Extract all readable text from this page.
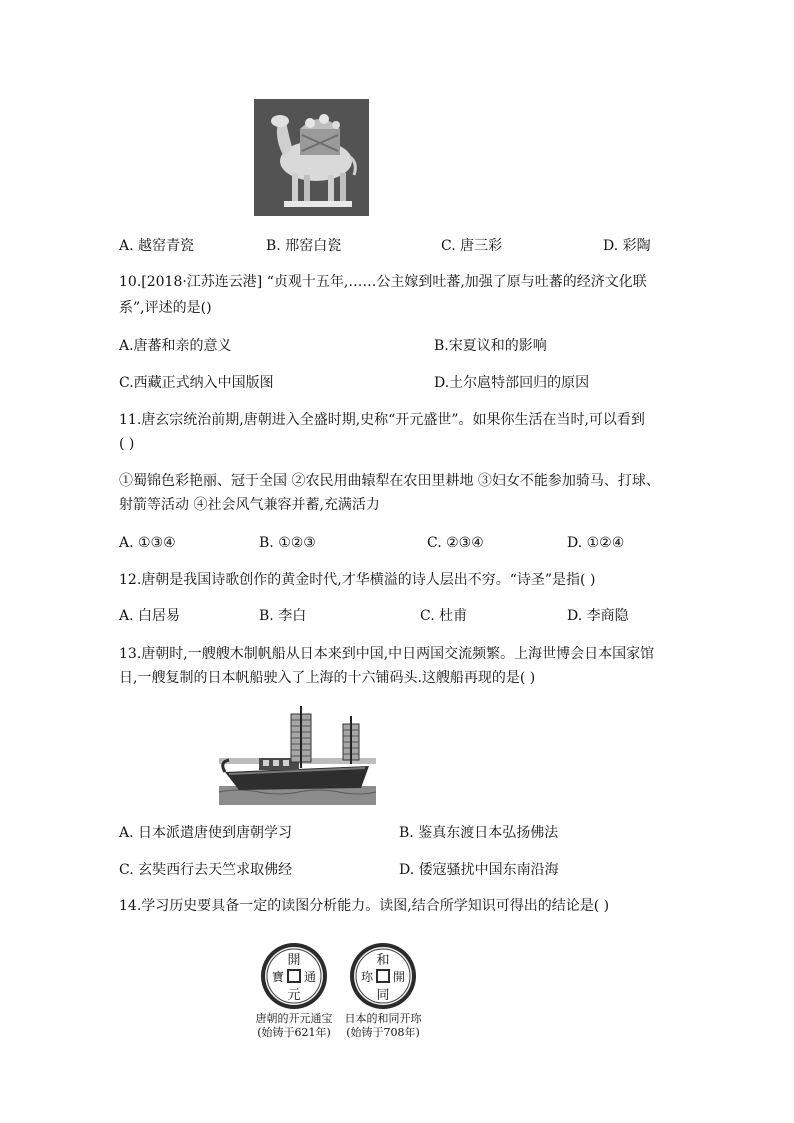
A. 越窑青瓷	B. 邢窑白瓷	C. 唐三彩	D. 彩陶
10.[2018·江苏连云港] “贞观十五年,……公主嫁到吐蕃,加强了原与吐蕃的经济文化联
系”,评述的是()
A.唐蕃和亲的意义	B.宋夏议和的影响
C.西藏正式纳入中国版图	D.土尔扈特部回归的原因
11.唐玄宗统治前期,唐朝进入全盛时期,史称“开元盛世”。如果你生活在当时,可以看到
( )
①蜀锦色彩艳丽、冠于全国 ②农民用曲辕犁在农田里耕地 ③妇女不能参加骑马、打球、
射箭等活动 ④社会风气兼容并蓄,充满活力
A. ①③④	B. ①②③	C. ②③④	D. ①②④
12.唐朝是我国诗歌创作的黄金时代,才华横溢的诗人层出不穷。“诗圣”是指( )
A. 白居易	B. 李白	C. 杜甫	D. 李商隐
13.唐朝时,一艘艘木制帆船从日本来到中国,中日两国交流频繁。上海世博会日本国家馆
日,一艘复制的日本帆船驶入了上海的十六铺码头.这艘船再现的是( )
A. 日本派遣唐使到唐朝学习	B. 鉴真东渡日本弘扬佛法
C. 玄奘西行去天竺求取佛经	D. 倭寇骚扰中国东南沿海
14.学习历史要具备一定的读图分析能力。读图,结合所学知识可得出的结论是( )
開
元
通
寶
和
同
開
珎
唐朝的开元通宝
(始铸于621年)
日本的和同开珎
(始铸于708年)
